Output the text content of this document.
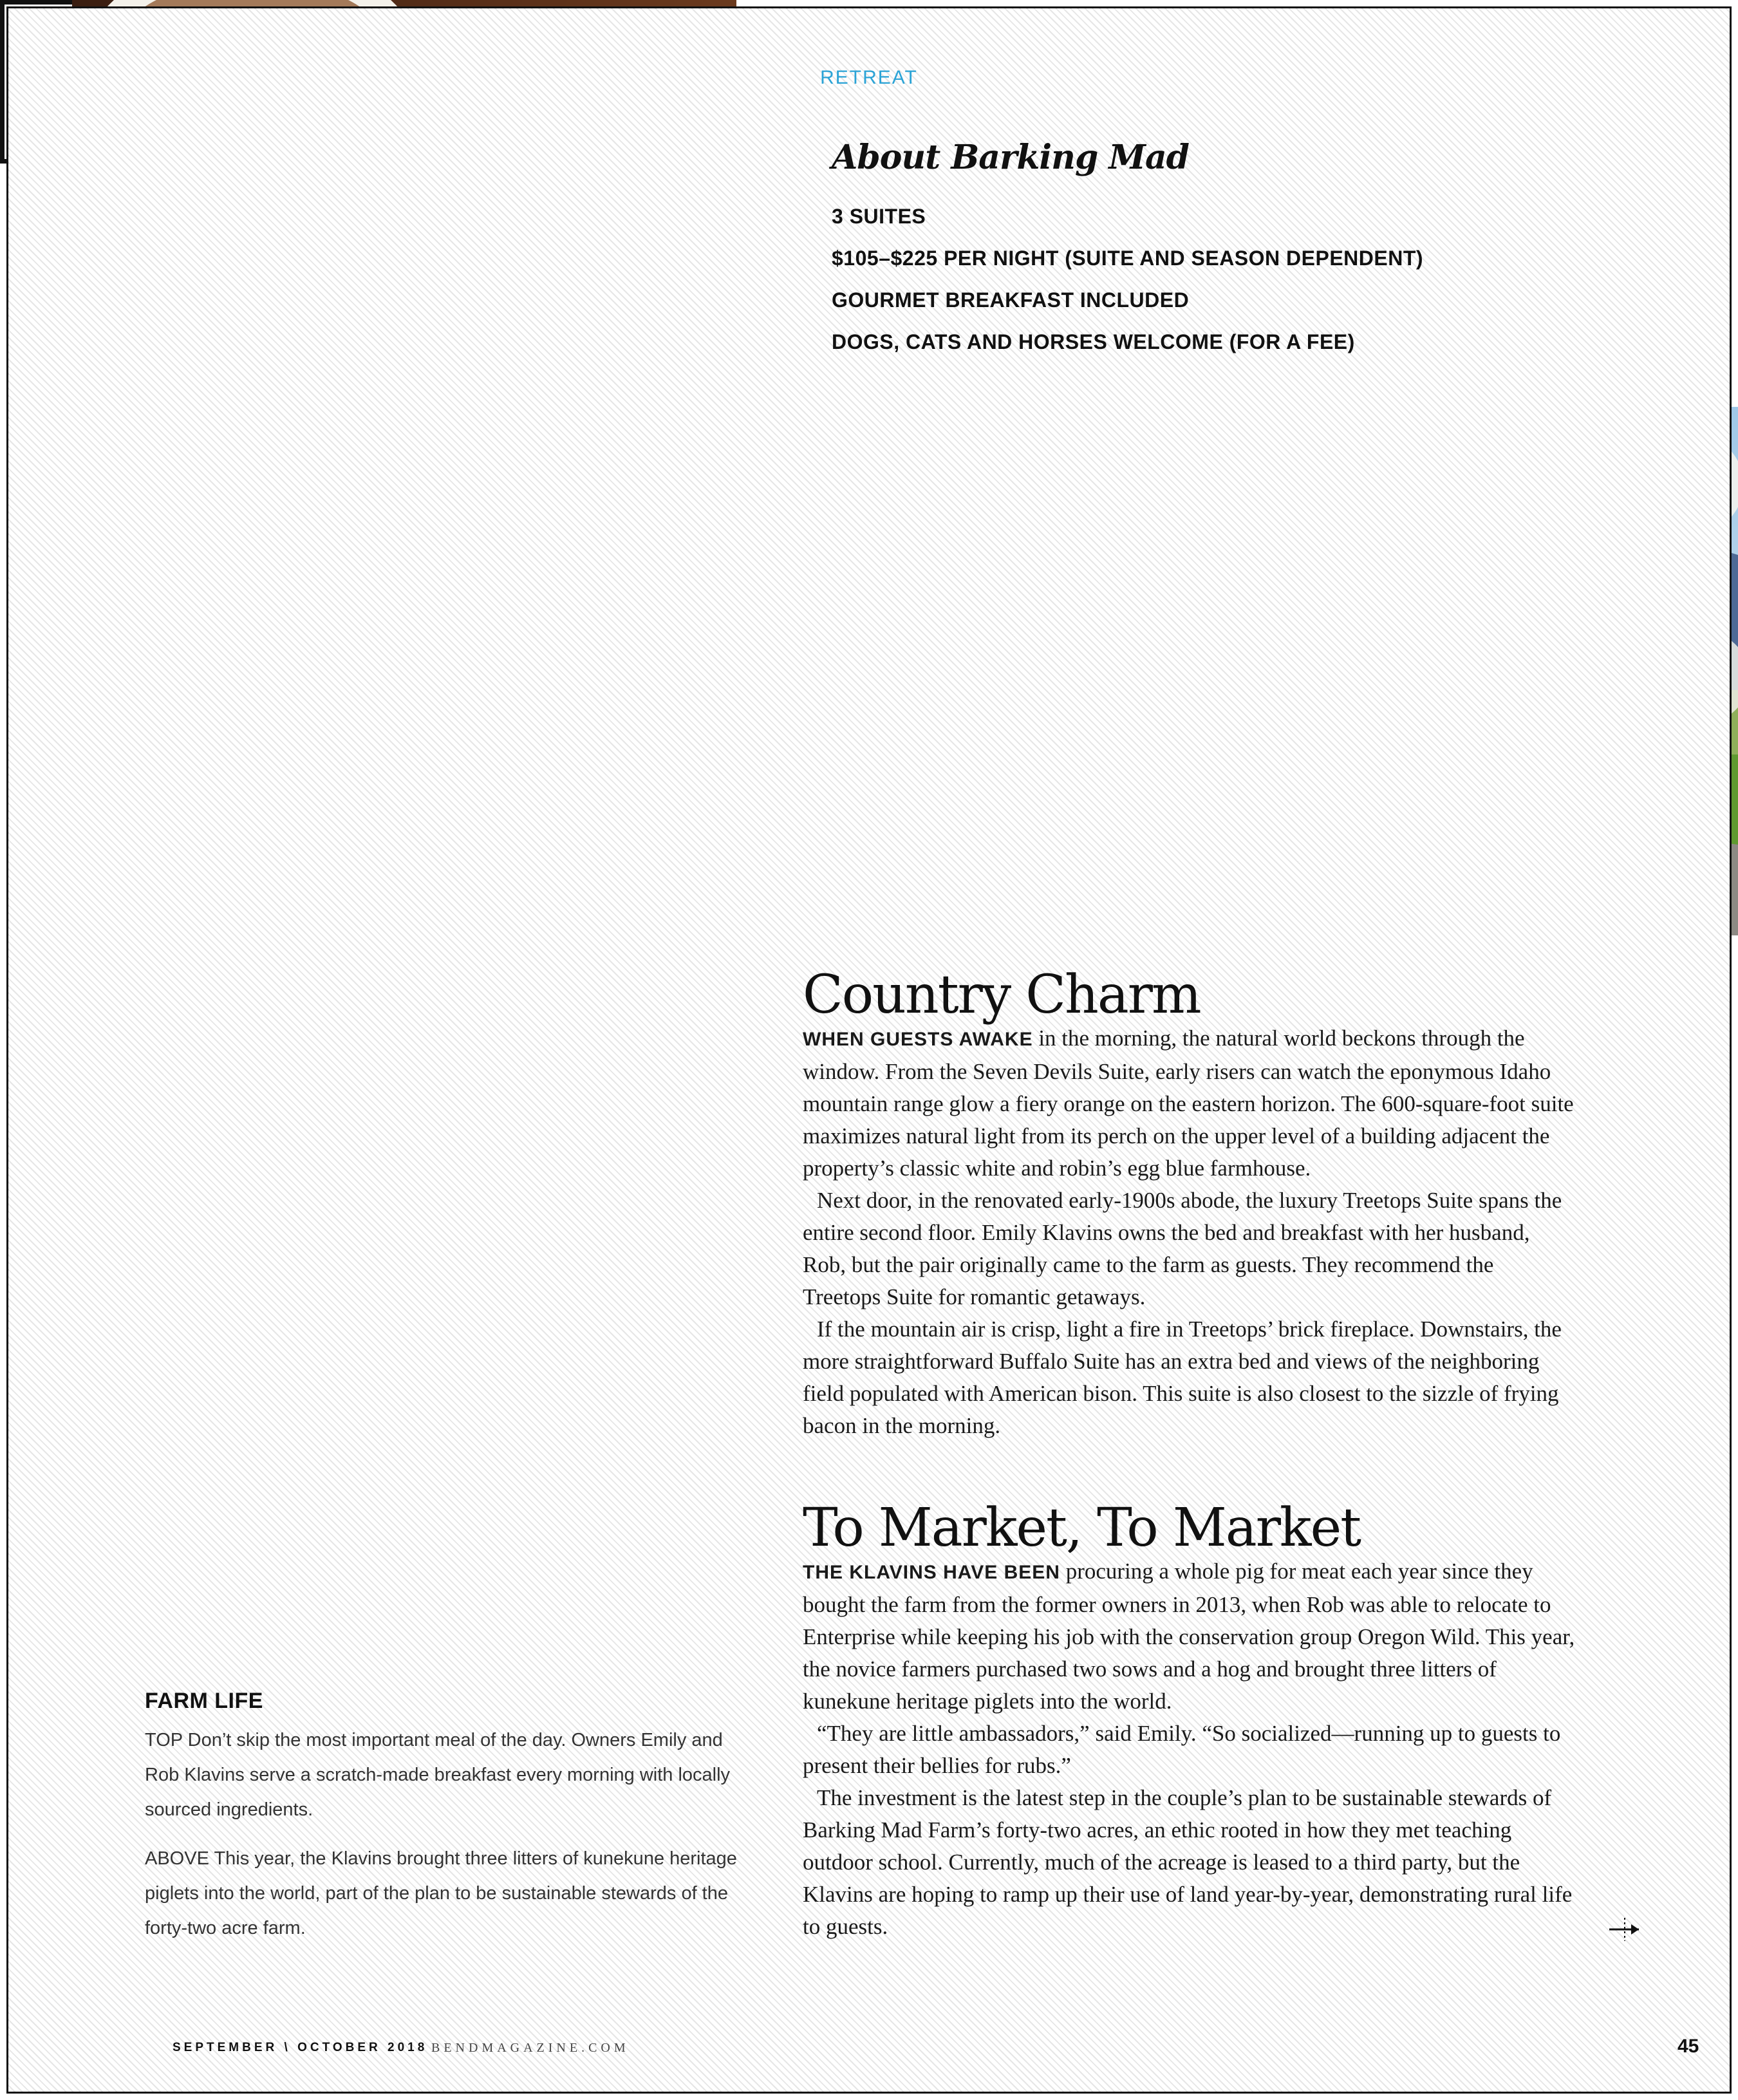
RETREAT
About Barking Mad
3 SUITES
$105–$225 PER NIGHT (SUITE AND SEASON DEPENDENT)
GOURMET BREAKFAST INCLUDED
DOGS, CATS AND HORSES WELCOME (FOR A FEE)
Country Charm

WHEN GUESTS AWAKE in the morning, the natural world beckons through the window. From the Seven Devils Suite, early risers can watch the eponymous Idaho mountain range glow a fiery orange on the eastern horizon. The 600-square-foot suite maximizes natural light from its perch on the upper level of a building adjacent the property’s classic white and robin’s egg blue farmhouse.

Next door, in the renovated early-1900s abode, the luxury Treetops Suite spans the entire second floor. Emily Klavins owns the bed and breakfast with her husband, Rob, but the pair originally came to the farm as guests. They recommend the Treetops Suite for romantic getaways.

If the mountain air is crisp, light a fire in Treetops’ brick fireplace. Downstairs, the more straightforward Buffalo Suite has an extra bed and views of the neighboring field populated with American bison. This suite is also closest to the sizzle of frying bacon in the morning.

To Market, To Market

THE KLAVINS HAVE BEEN procuring a whole pig for meat each year since they bought the farm from the former owners in 2013, when Rob was able to relocate to Enterprise while keeping his job with the conservation group Oregon Wild. This year, the novice farmers purchased two sows and a hog and brought three litters of kunekune heritage piglets into the world.

“They are little ambassadors,” said Emily. “So socialized—running up to guests to present their bellies for rubs.”

The investment is the latest step in the couple’s plan to be sustainable stewards of Barking Mad Farm’s forty-two acres, an ethic rooted in how they met teaching outdoor school. Currently, much of the acreage is leased to a third party, but the Klavins are hoping to ramp up their use of land year-by-year, demonstrating rural life to guests.

FARM LIFE
TOP Don’t skip the most important meal of the day. Owners Emily and Rob Klavins serve a scratch-made breakfast every morning with locally sourced ingredients.
ABOVE This year, the Klavins brought three litters of kunekune heritage piglets into the world, part of the plan to be sustainable stewards of the forty-two acre farm.
SEPTEMBER \ OCTOBER 2018 BENDMAGAZINE.COM	45
